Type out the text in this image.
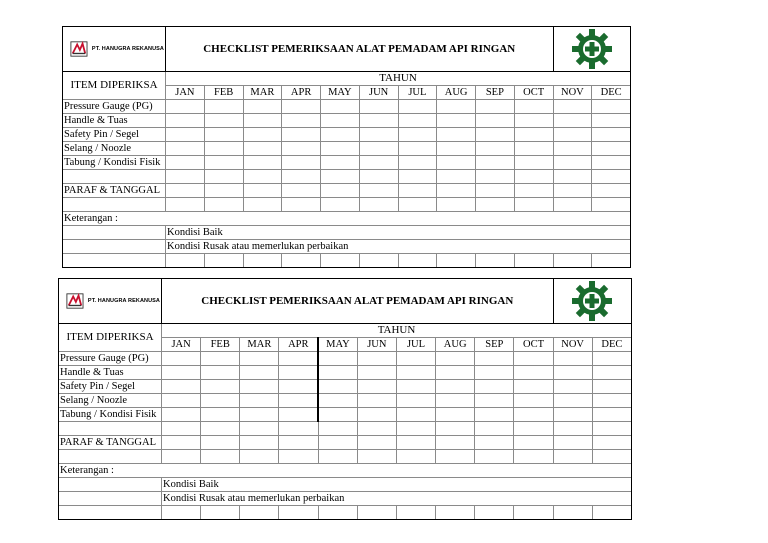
PT. HANUGRA REKANUSA	CHECKLIST PEMERIKSAAN ALAT PEMADAM API RINGAN	
ITEM DIPERIKSA	TAHUN											
	JAN	FEB	MAR	APR	MAY	JUN	JUL	AUG	SEP	OCT	NOV	DEC
Pressure Gauge (PG)												
Handle & Tuas												
Safety Pin / Segel												
Selang / Noozle												
Tabung / Kondisi Fisik												

PARAF & TANGGAL												

Keterangan :												
	Kondisi Baik											
	Kondisi Rusak atau memerlukan perbaikan											

PT. HANUGRA REKANUSA	CHECKLIST PEMERIKSAAN ALAT PEMADAM API RINGAN	
ITEM DIPERIKSA	TAHUN											
	JAN	FEB	MAR	APR	MAY	JUN	JUL	AUG	SEP	OCT	NOV	DEC
Pressure Gauge (PG)												
Handle & Tuas												
Safety Pin / Segel												
Selang / Noozle												
Tabung / Kondisi Fisik												

PARAF & TANGGAL												

Keterangan :												
	Kondisi Baik											
	Kondisi Rusak atau memerlukan perbaikan											
